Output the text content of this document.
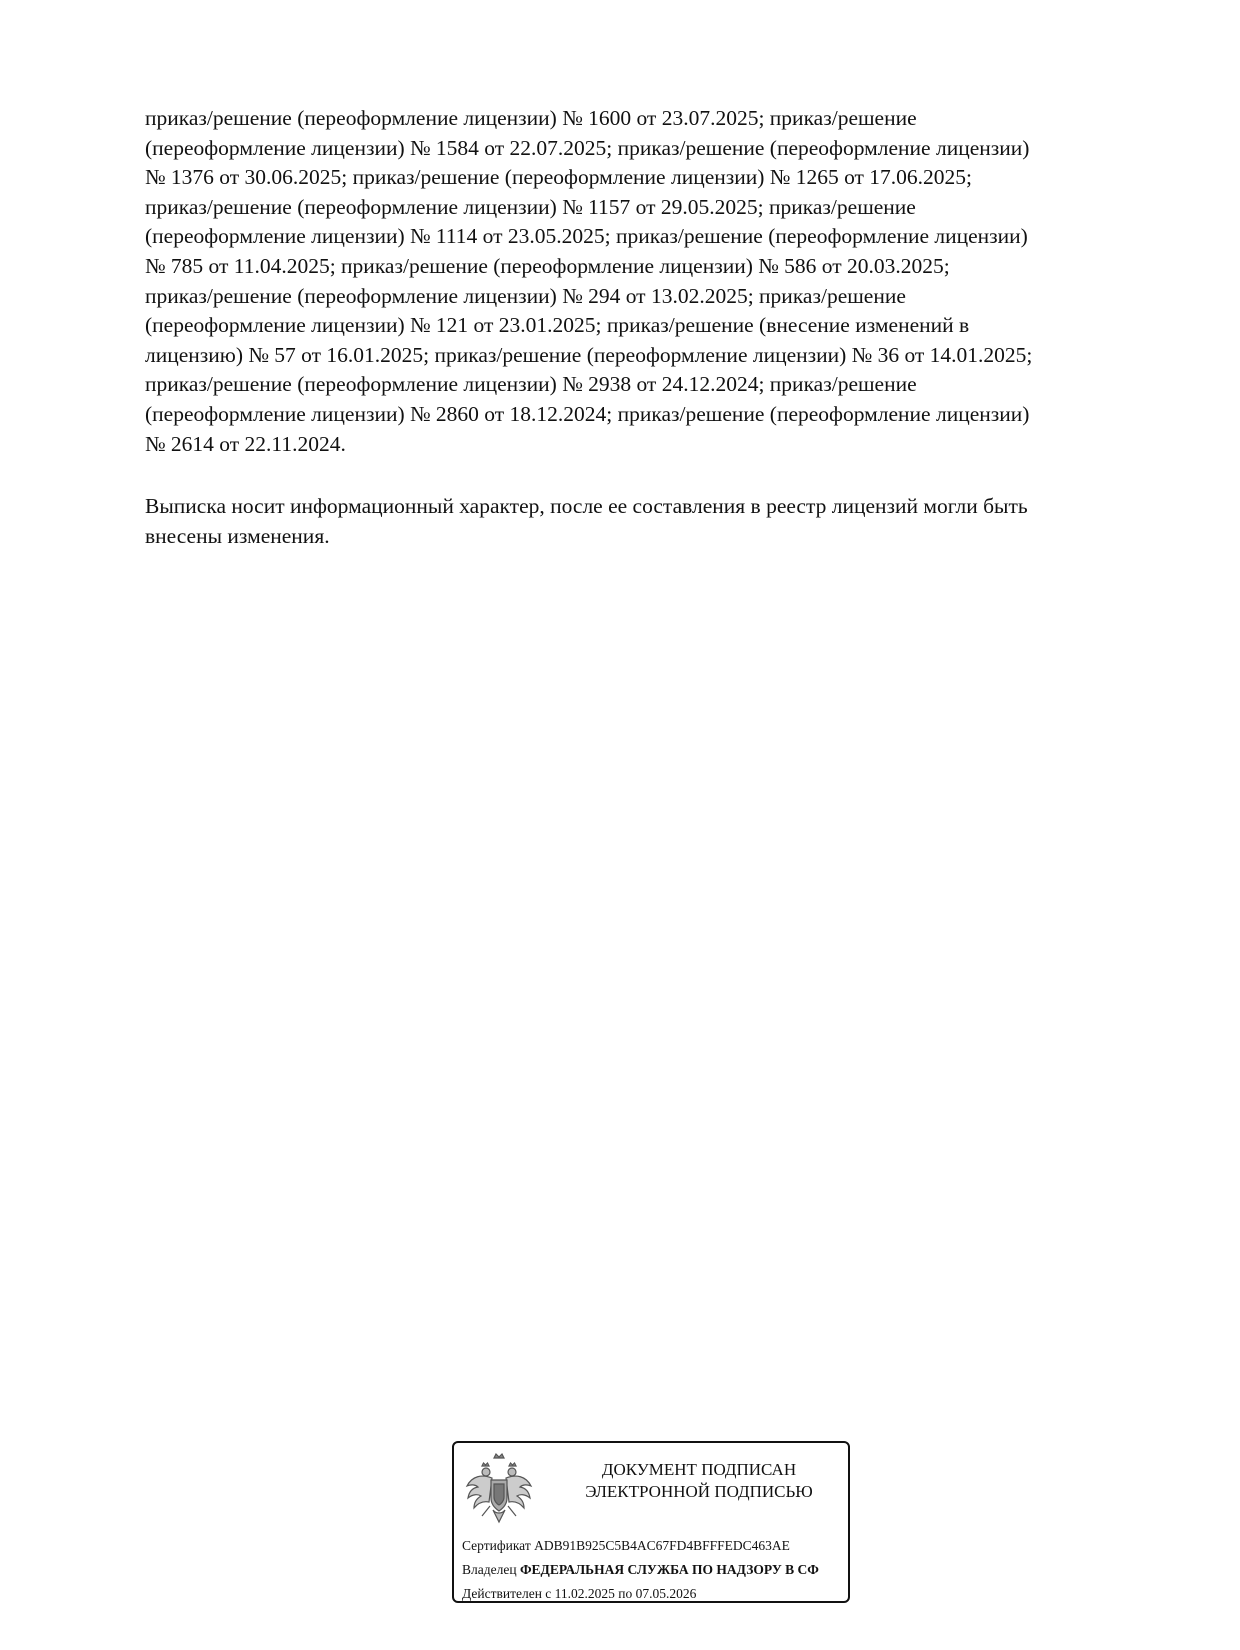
приказ/решение (переоформление лицензии) № 1600 от 23.07.2025; приказ/решение
(переоформление лицензии) № 1584 от 22.07.2025; приказ/решение (переоформление лицензии)
№ 1376 от 30.06.2025; приказ/решение (переоформление лицензии) № 1265 от 17.06.2025;
приказ/решение (переоформление лицензии) № 1157 от 29.05.2025; приказ/решение
(переоформление лицензии) № 1114 от 23.05.2025; приказ/решение (переоформление лицензии)
№ 785 от 11.04.2025; приказ/решение (переоформление лицензии) № 586 от 20.03.2025;
приказ/решение (переоформление лицензии) № 294 от 13.02.2025; приказ/решение
(переоформление лицензии) № 121 от 23.01.2025; приказ/решение (внесение изменений в
лицензию) № 57 от 16.01.2025; приказ/решение (переоформление лицензии) № 36 от 14.01.2025;
приказ/решение (переоформление лицензии) № 2938 от 24.12.2024; приказ/решение
(переоформление лицензии) № 2860 от 18.12.2024; приказ/решение (переоформление лицензии)
№ 2614 от 22.11.2024.
Выписка носит информационный характер, после ее составления в реестр лицензий могли быть
внесены изменения.
ДОКУМЕНТ ПОДПИСАН
ЭЛЕКТРОННОЙ ПОДПИСЬЮ
Сертификат ADB91B925C5B4AC67FD4BFFFEDC463AE
Владелец ФЕДЕРАЛЬНАЯ СЛУЖБА ПО НАДЗОРУ В СФ
Действителен с 11.02.2025 по 07.05.2026
